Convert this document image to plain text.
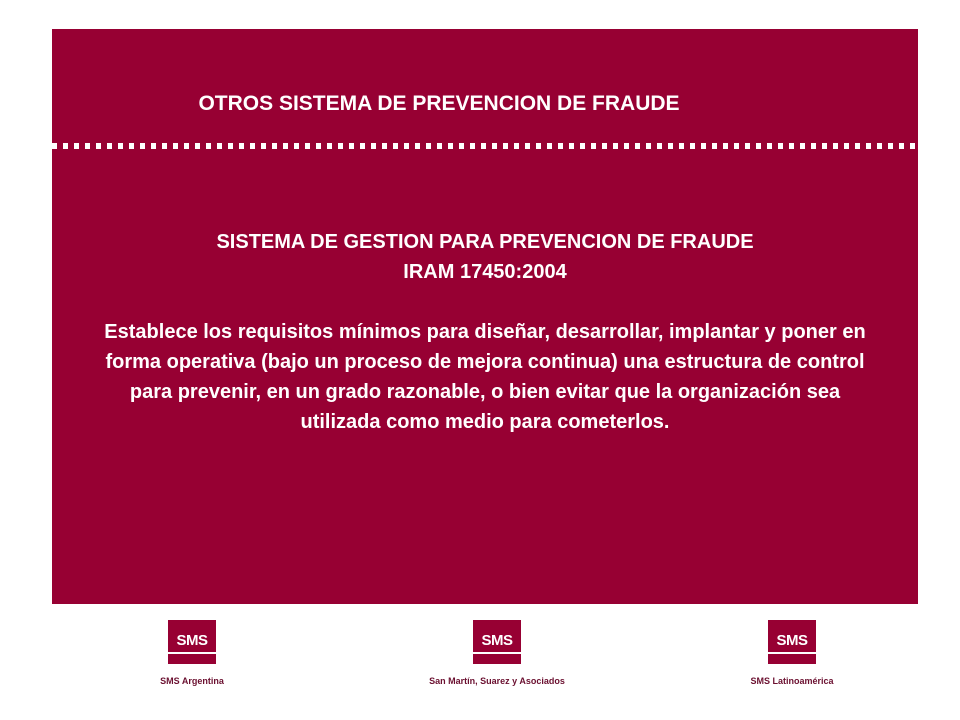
OTROS SISTEMA DE PREVENCION DE FRAUDE
SISTEMA DE GESTION PARA PREVENCION DE FRAUDE
IRAM 17450:2004
Establece los requisitos mínimos para diseñar, desarrollar, implantar y poner en forma operativa (bajo un proceso de mejora continua) una estructura de control para prevenir, en un grado razonable, o bien evitar que la organización sea utilizada como medio para cometerlos.
SMS
SMS Argentina
SMS
San Martín, Suarez y Asociados
SMS
SMS Latinoamérica
